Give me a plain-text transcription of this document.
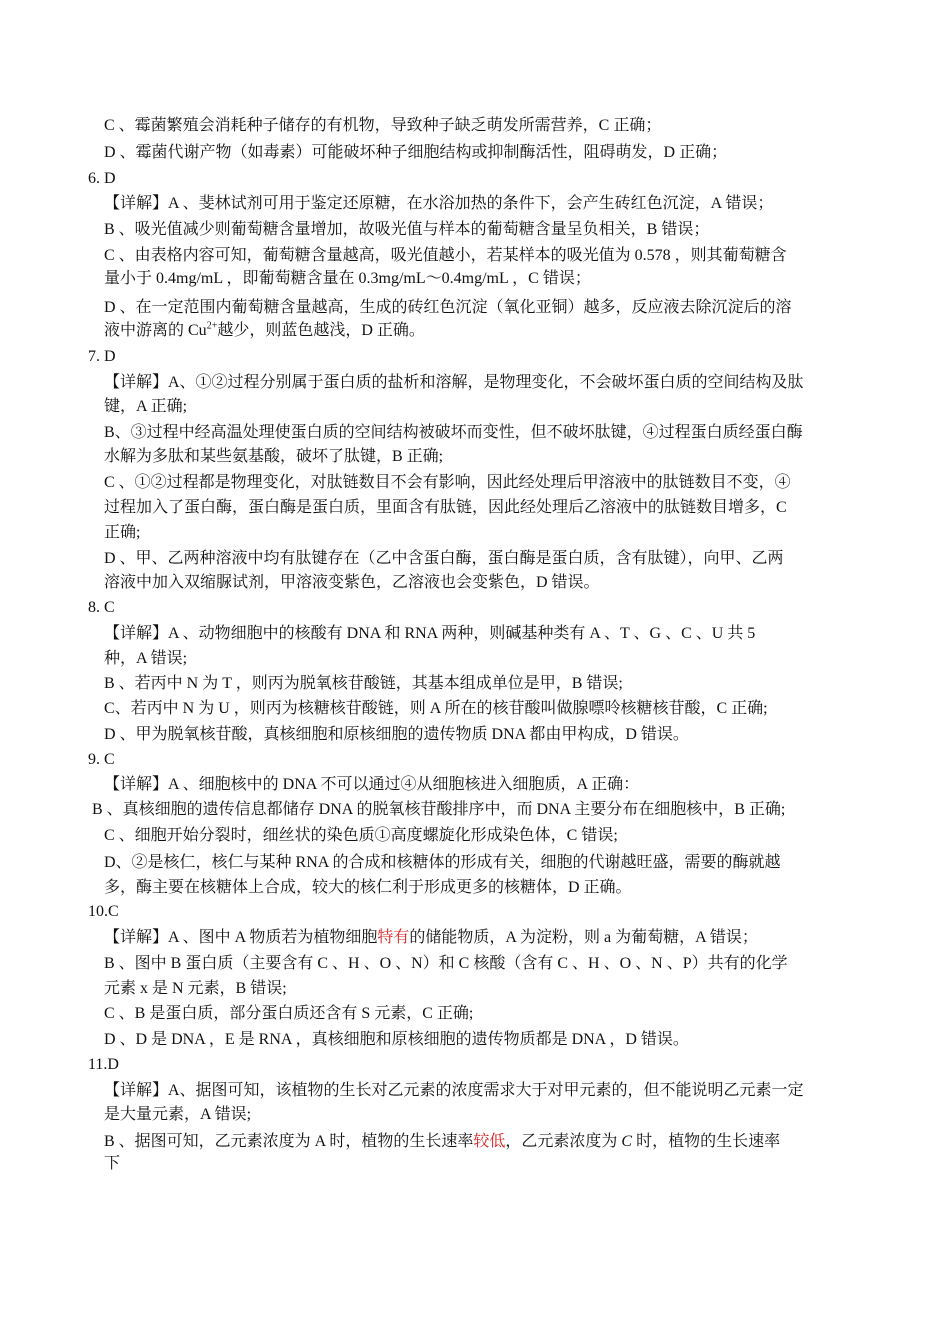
C 、霉菌繁殖会消耗种子储存的有机物，导致种子缺乏萌发所需营养，C 正确；
D 、霉菌代谢产物（如毒素）可能破坏种子细胞结构或抑制酶活性，阻碍萌发，D 正确；
6. D
【详解】A 、斐林试剂可用于鉴定还原糖，在水浴加热的条件下，会产生砖红色沉淀，A 错误；
B 、吸光值减少则葡萄糖含量增加，故吸光值与样本的葡萄糖含量呈负相关，B 错误；
C 、由表格内容可知，葡萄糖含量越高，吸光值越小，若某样本的吸光值为 0.578 ，则其葡萄糖含
量小于 0.4mg/mL ，即葡萄糖含量在 0.3mg/mL～0.4mg/mL ，C 错误；
D 、在一定范围内葡萄糖含量越高，生成的砖红色沉淀（氧化亚铜）越多，反应液去除沉淀后的溶
液中游离的 $Cu^{2+}$越少，则蓝色越浅，D 正确。
7. D
【详解】A、①②过程分别属于蛋白质的盐析和溶解，是物理变化，不会破坏蛋白质的空间结构及肽
键，A 正确;
B、③过程中经高温处理使蛋白质的空间结构被破坏而变性，但不破坏肽键，④过程蛋白质经蛋白酶
水解为多肽和某些氨基酸，破坏了肽键，B 正确;
C 、①②过程都是物理变化，对肽链数目不会有影响，因此经处理后甲溶液中的肽链数目不变，④
过程加入了蛋白酶，蛋白酶是蛋白质，里面含有肽链，因此经处理后乙溶液中的肽链数目增多，C
正确;
D 、甲、乙两种溶液中均有肽键存在（乙中含蛋白酶，蛋白酶是蛋白质，含有肽键），向甲、乙两
溶液中加入双缩脲试剂，甲溶液变紫色，乙溶液也会变紫色，D 错误。
8. C
【详解】A 、动物细胞中的核酸有 DNA 和 RNA 两种，则碱基种类有 A 、T 、G 、C 、U 共 5
种，A 错误;
B 、若丙中 N 为 T ，则丙为脱氧核苷酸链，其基本组成单位是甲，B 错误;
C、若丙中 N 为 U ，则丙为核糖核苷酸链，则 A 所在的核苷酸叫做腺嘌呤核糖核苷酸，C 正确;
D 、甲为脱氧核苷酸，真核细胞和原核细胞的遗传物质 DNA 都由甲构成，D 错误。
9. C
【详解】A 、细胞核中的 DNA 不可以通过④从细胞核进入细胞质，A 正确：
B 、真核细胞的遗传信息都储存 DNA 的脱氧核苷酸排序中，而 DNA 主要分布在细胞核中，B 正确;
C 、细胞开始分裂时，细丝状的染色质①高度螺旋化形成染色体，C 错误;
D、②是核仁，核仁与某种 RNA 的合成和核糖体的形成有关，细胞的代谢越旺盛，需要的酶就越
多，酶主要在核糖体上合成，较大的核仁利于形成更多的核糖体，D 正确。
10.C
【详解】A 、图中 A 物质若为植物细胞特有的储能物质，A 为淀粉，则 a 为葡萄糖，A 错误；
B 、图中 B 蛋白质（主要含有 C 、H 、O 、N）和 C 核酸（含有 C 、H 、O 、N 、P）共有的化学
元素 x 是 N 元素，B 错误;
C 、B 是蛋白质，部分蛋白质还含有 S 元素，C 正确;
D 、D 是 DNA ，E 是 RNA ，真核细胞和原核细胞的遗传物质都是 DNA ，D 错误。
11.D
【详解】A、据图可知，该植物的生长对乙元素的浓度需求大于对甲元素的，但不能说明乙元素一定
是大量元素，A 错误;
B 、据图可知，乙元素浓度为 A 时，植物的生长速率较低，乙元素浓度为 C 时，植物的生长速率
下
